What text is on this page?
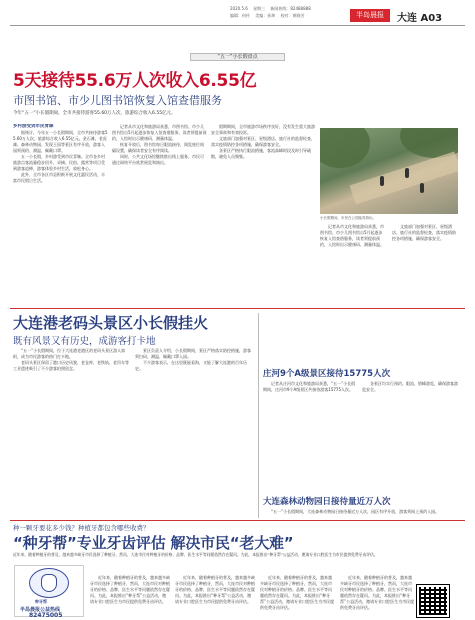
2020.5.6 星期三 新闻热线：82488888
编辑：何传 美编：孙坤 校对：黄晓芳	半岛晨报	大连 A03
“五一”小长假盘点
5天接待55.6万人次收入6.55亿
市图书馆、市少儿图书馆恢复入馆查借服务
今年“五一”小长假期间，全市共接待游客55.60万人次，旅游综合收入6.55亿元。
乡村游受到市民青睐

据统计，今年五一小长假期间，全市共接待游客55.60万人次，旅游综合收入6.55亿元。金石滩、老虎滩、森林动物园、发现王国等景区有序开放，游客入园须预约、测温、佩戴口罩。

五一小长假，乡村游受到市民青睐。全市各乡村旅游点客流量稳步回升，采摘、民宿、露营等项目受到游客追捧，游客体验乡村生活，放松身心。

此外，全市各区市县积极开展文化惠民活动，丰富市民假日生活。

记者从市文化和旅游局获悉，市图书馆、市少儿图书馆自5月起逐步恢复入馆查借服务，读者须提前预约，入馆时出示健康码、测量体温。

恢复开放后，图书馆每日限流接待，阅览座位间隔设置，确保读者安全有序阅读。

同时，公共文化场馆继续推出线上服务，市民可通过网络平台欣赏展览和演出。

假期期间，全市旅游市场秩序良好，没有发生重大旅游安全事故和有效投诉。

文旅部门加强对景区、星级酒店、旅行社的监督检查，落实疫情防控各项措施，确保游客安全。

各景区严格执行限流措施，客流高峰时段及时引导疏散，避免人员聚集。

小长假期间，市民在公园踏青游玩。

记者从市文化和旅游局获悉，市图书馆、市少儿图书馆自5月起逐步恢复入馆查借服务，读者须提前预约，入馆时出示健康码、测量体温。

文旅部门加强对景区、星级酒店、旅行社的监督检查，落实疫情防控各项措施，确保游客安全。

大连港老码头景区小长假挂火
既有风景又有历史，成游客打卡地

“五一”小长假期间，位于大连港老港区的老码头景区游人如织，成为市民游客的热门打卡地。

老码头景区保留了港口历史风貌，老仓库、老铁轨、老吊车等工业遗迹吸引了不少游客拍照留念。

景区负责人介绍，小长假期间，景区严格落实防控措施，游客须扫码、测温、佩戴口罩入园。

不少游客表示，在这里既能看海，又能了解大连港的百年历史。

庄河9个A级景区接待15775人次

记者从庄河市文化和旅游局获悉，“五一”小长假期间，庄河市9个A级景区共接待游客15775人次。

各景区均实行预约、限流、错峰游览，确保游客游览安全。

大连森林动物园日接待量近万人次

“五一”小长假期间，大连森林动物园日接待量近万人次，园区有序开放，游客须网上预约入园。

种一颗牙要花多少钱？种植牙都包含哪些收费？
“种牙帮”专业牙齿评估 解决市民“老大难”
近年来，随着种植牙的普及，越来越多缺牙市民选择了种植牙，然而，大连市民对种植牙的价格、品牌、医生水平等问题依然存在疑问。为此，本报推出“种牙帮”公益活动，邀请专业口腔医生为市民提供免费牙齿评估。
种牙帮
半岛晨报公益热线
82475005

近年来，随着种植牙的普及，越来越多缺牙市民选择了种植牙，然而，大连市民对种植牙的价格、品牌、医生水平等问题依然存在疑问。为此，本报推出“种牙帮”公益活动，邀请专业口腔医生为市民提供免费牙齿评估。

近年来，随着种植牙的普及，越来越多缺牙市民选择了种植牙，然而，大连市民对种植牙的价格、品牌、医生水平等问题依然存在疑问。为此，本报推出“种牙帮”公益活动，邀请专业口腔医生为市民提供免费牙齿评估。

近年来，随着种植牙的普及，越来越多缺牙市民选择了种植牙，然而，大连市民对种植牙的价格、品牌、医生水平等问题依然存在疑问。为此，本报推出“种牙帮”公益活动，邀请专业口腔医生为市民提供免费牙齿评估。

近年来，随着种植牙的普及，越来越多缺牙市民选择了种植牙，然而，大连市民对种植牙的价格、品牌、医生水平等问题依然存在疑问。为此，本报推出“种牙帮”公益活动，邀请专业口腔医生为市民提供免费牙齿评估。
